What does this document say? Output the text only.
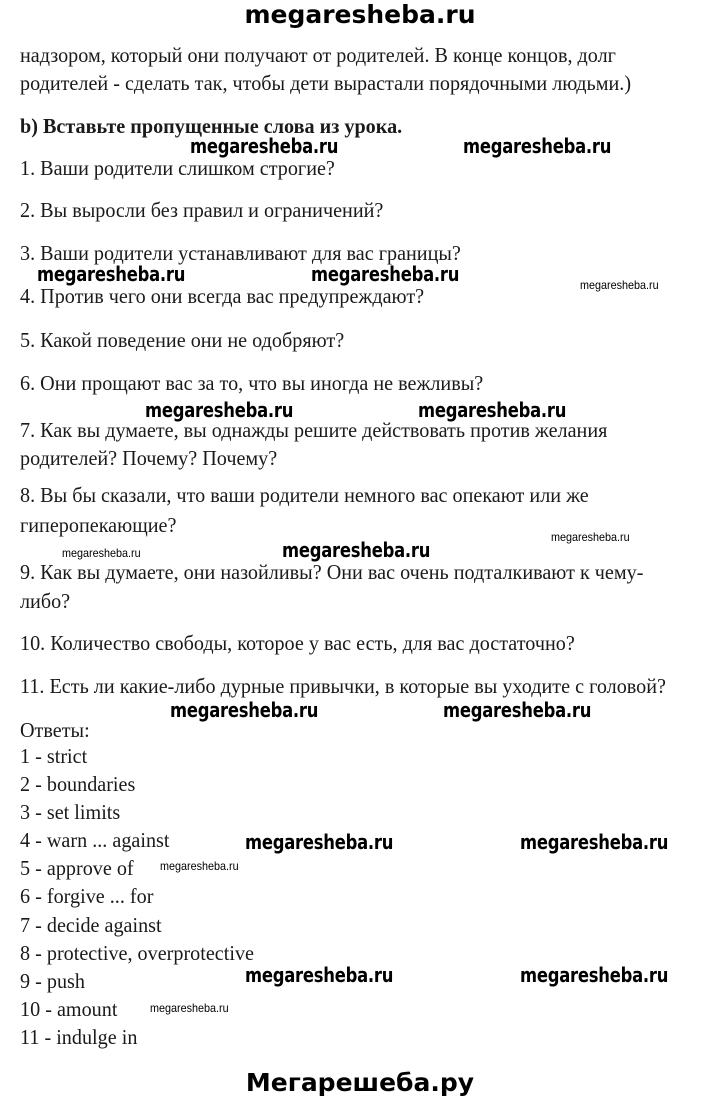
megaresheba.ru
надзором, который они получают от родителей. В конце концов, долг
родителей - сделать так, чтобы дети вырастали порядочными людьми.)
b) Вставьте пропущенные слова из урока.
1. Ваши родители слишком строгие?
2. Вы выросли без правил и ограничений?
3. Ваши родители устанавливают для вас границы?
4. Против чего они всегда вас предупреждают?
5. Какой поведение они не одобряют?
6. Они прощают вас за то, что вы иногда не вежливы?
7. Как вы думаете, вы однажды решите действовать против желания
родителей? Почему? Почему?
8. Вы бы сказали, что ваши родители немного вас опекают или же
гиперопекающие?
9. Как вы думаете, они назойливы? Они вас очень подталкивают к чему-
либо?
10. Количество свободы, которое у вас есть, для вас достаточно?
11. Есть ли какие-либо дурные привычки, в которые вы уходите с головой?
Ответы:
1 - strict
2 - boundaries
3 - set limits
4 - warn ... against
5 - approve of
6 - forgive ... for
7 - decide against
8 - protective, overprotective
9 - push
10 - amount
11 - indulge in
megaresheba.ru	megaresheba.ru
megaresheba.ru	megaresheba.ru	megaresheba.ru
megaresheba.ru	megaresheba.ru
megaresheba.ru
megaresheba.ru
megaresheba.ru
megaresheba.ru	megaresheba.ru
megaresheba.ru	megaresheba.ru
megaresheba.ru
megaresheba.ru	megaresheba.ru
megaresheba.ru
Мегарешеба.ру
